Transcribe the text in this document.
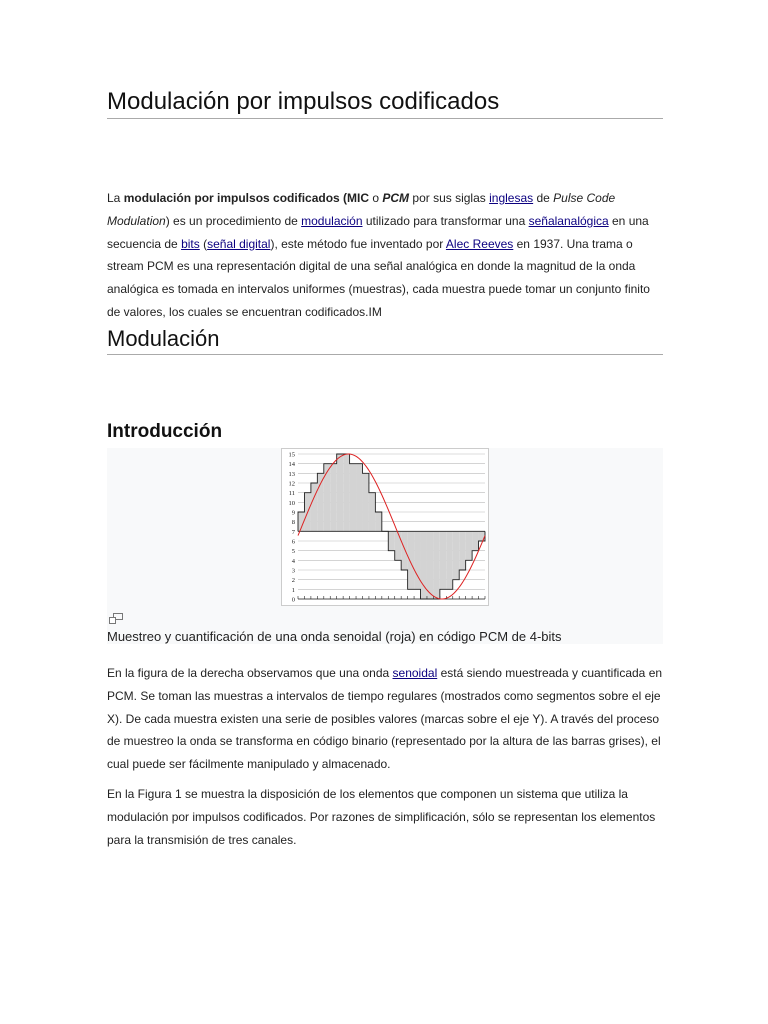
Modulación por impulsos codificados

La modulación por impulsos codificados (MIC o PCM por sus siglas inglesas de Pulse Code Modulation) es un procedimiento de modulación utilizado para transformar una señalanalógica en una secuencia de bits (señal digital), este método fue inventado por Alec Reeves en 1937. Una trama o stream PCM es una representación digital de una señal analógica en donde la magnitud de la onda analógica es tomada en intervalos uniformes (muestras), cada muestra puede tomar un conjunto finito de valores, los cuales se encuentran codificados.IM

Modulación
Introducción
0
1
2
3
4
5
6
7
8
9
10
11
12
13
14
15
Muestreo y cuantificación de una onda senoidal (roja) en código PCM de 4-bits

En la figura de la derecha observamos que una onda senoidal está siendo muestreada y cuantificada en PCM. Se toman las muestras a intervalos de tiempo regulares (mostrados como segmentos sobre el eje X). De cada muestra existen una serie de posibles valores (marcas sobre el eje Y). A través del proceso de muestreo la onda se transforma en código binario (representado por la altura de las barras grises), el cual puede ser fácilmente manipulado y almacenado.

En la Figura 1 se muestra la disposición de los elementos que componen un sistema que utiliza la modulación por impulsos codificados. Por razones de simplificación, sólo se representan los elementos para la transmisión de tres canales.
